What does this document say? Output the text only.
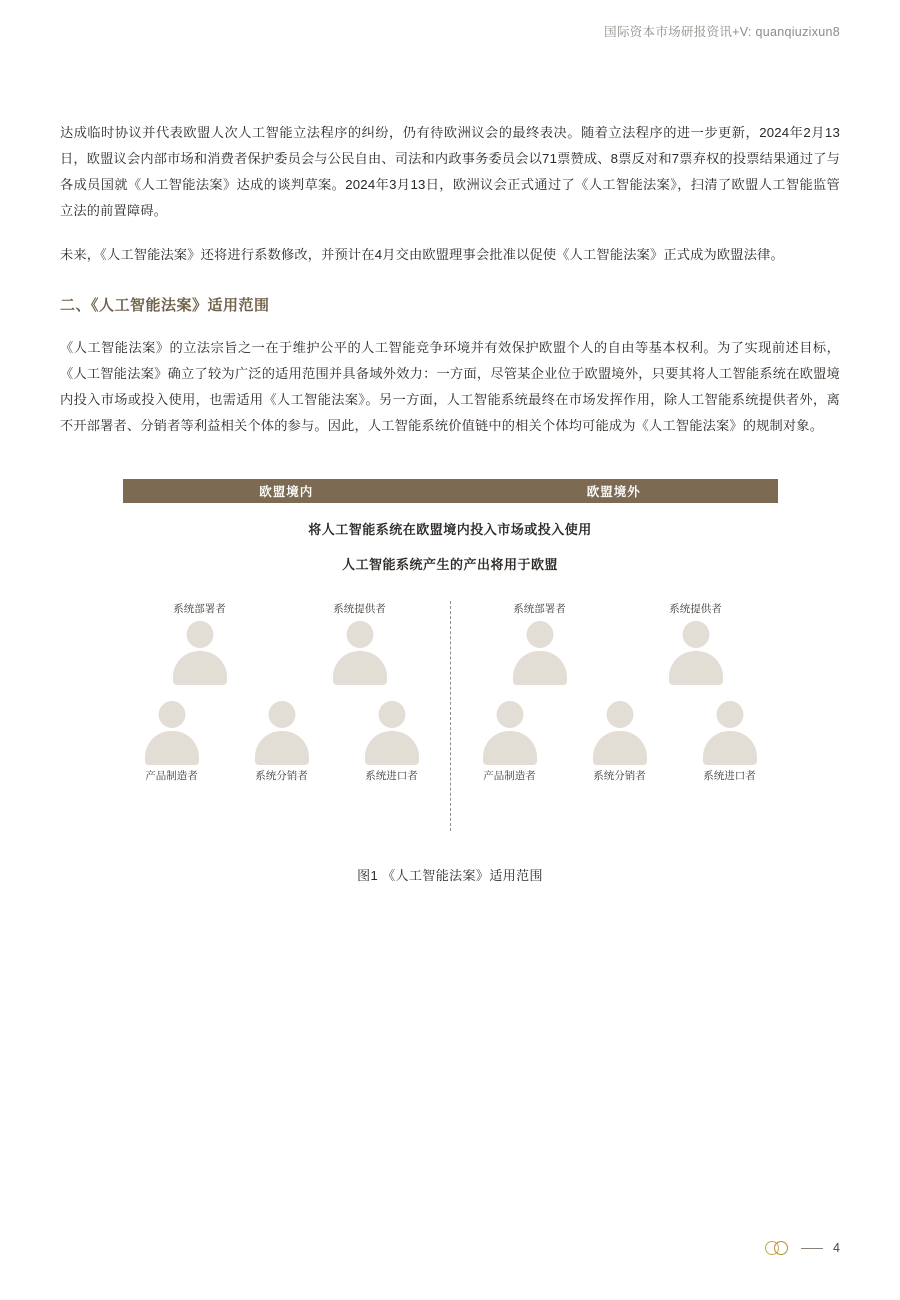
国际资本市场研报资讯+V: quanqiuzixun8

达成临时协议并代表欧盟人次人工智能立法程序的纠纷，仍有待欧洲议会的最终表决。随着立法程序的进一步更新，2024年2月13日，欧盟议会内部市场和消费者保护委员会与公民自由、司法和内政事务委员会以71票赞成、8票反对和7票弃权的投票结果通过了与各成员国就《人工智能法案》达成的谈判草案。2024年3月13日，欧洲议会正式通过了《人工智能法案》，扫清了欧盟人工智能监管立法的前置障碍。

未来，《人工智能法案》还将进行系数修改，并预计在4月交由欧盟理事会批准以促使《人工智能法案》正式成为欧盟法律。

二、《人工智能法案》适用范围

《人工智能法案》的立法宗旨之一在于维护公平的人工智能竞争环境并有效保护欧盟个人的自由等基本权利。为了实现前述目标，《人工智能法案》确立了较为广泛的适用范围并具备域外效力：一方面，尽管某企业位于欧盟境外，只要其将人工智能系统在欧盟境内投入市场或投入使用，也需适用《人工智能法案》。另一方面，人工智能系统最终在市场发挥作用，除人工智能系统提供者外，离不开部署者、分销者等利益相关个体的参与。因此，人工智能系统价值链中的相关个体均可能成为《人工智能法案》的规制对象。

欧盟境内	欧盟境外
将人工智能系统在欧盟境内投入市场或投入使用
人工智能系统产生的产出将用于欧盟
系统部署者	系统提供者
产品制造者	系统分销者	系统进口者
系统部署者	系统提供者
产品制造者	系统分销者	系统进口者
图1 《人工智能法案》适用范围
4
